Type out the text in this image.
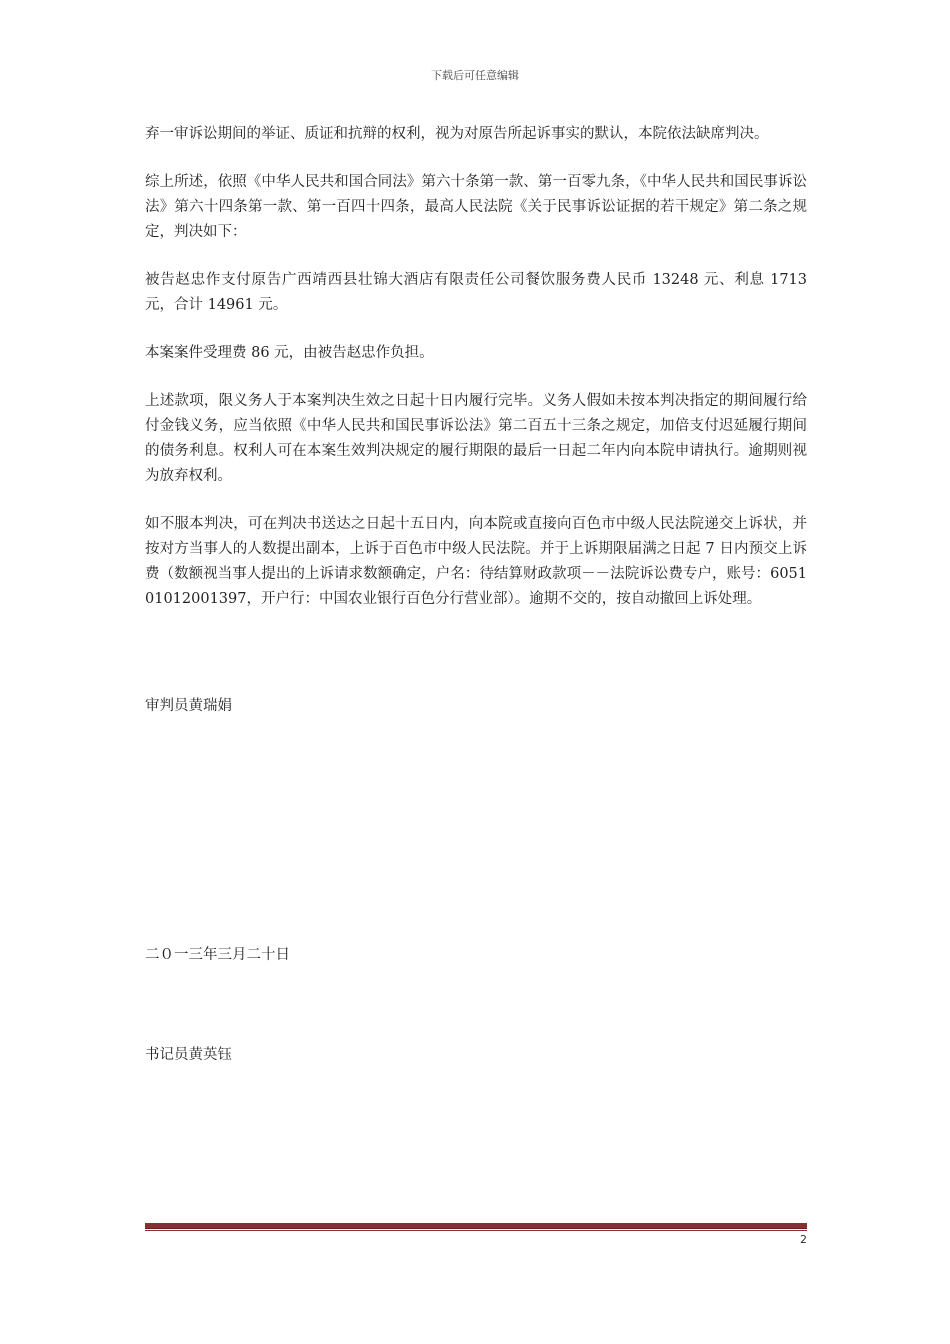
下载后可任意编辑

弃一审诉讼期间的举证、质证和抗辩的权利，视为对原告所起诉事实的默认，本院依法缺席判决。

综上所述，依照《中华人民共和国合同法》第六十条第一款、第一百零九条，《中华人民共和国民事诉讼法》第六十四条第一款、第一百四十四条，最高人民法院《关于民事诉讼证据的若干规定》第二条之规定，判决如下：

被告赵忠作支付原告广西靖西县壮锦大酒店有限责任公司餐饮服务费人民币 13248 元、利息 1713 元，合计 14961 元。

本案案件受理费 86 元，由被告赵忠作负担。

上述款项，限义务人于本案判决生效之日起十日内履行完毕。义务人假如未按本判决指定的期间履行给付金钱义务，应当依照《中华人民共和国民事诉讼法》第二百五十三条之规定，加倍支付迟延履行期间的债务利息。权利人可在本案生效判决规定的履行期限的最后一日起二年内向本院申请执行。逾期则视为放弃权利。

如不服本判决，可在判决书送达之日起十五日内，向本院或直接向百色市中级人民法院递交上诉状，并按对方当事人的人数提出副本，上诉于百色市中级人民法院。并于上诉期限届满之日起 7 日内预交上诉费（数额视当事人提出的上诉请求数额确定，户名：待结算财政款项－－法院诉讼费专户，账号：605101012001397，开户行：中国农业银行百色分行营业部）。逾期不交的，按自动撤回上诉处理。

审判员黄瑞娟
二０一三年三月二十日
书记员黄英钰
2
